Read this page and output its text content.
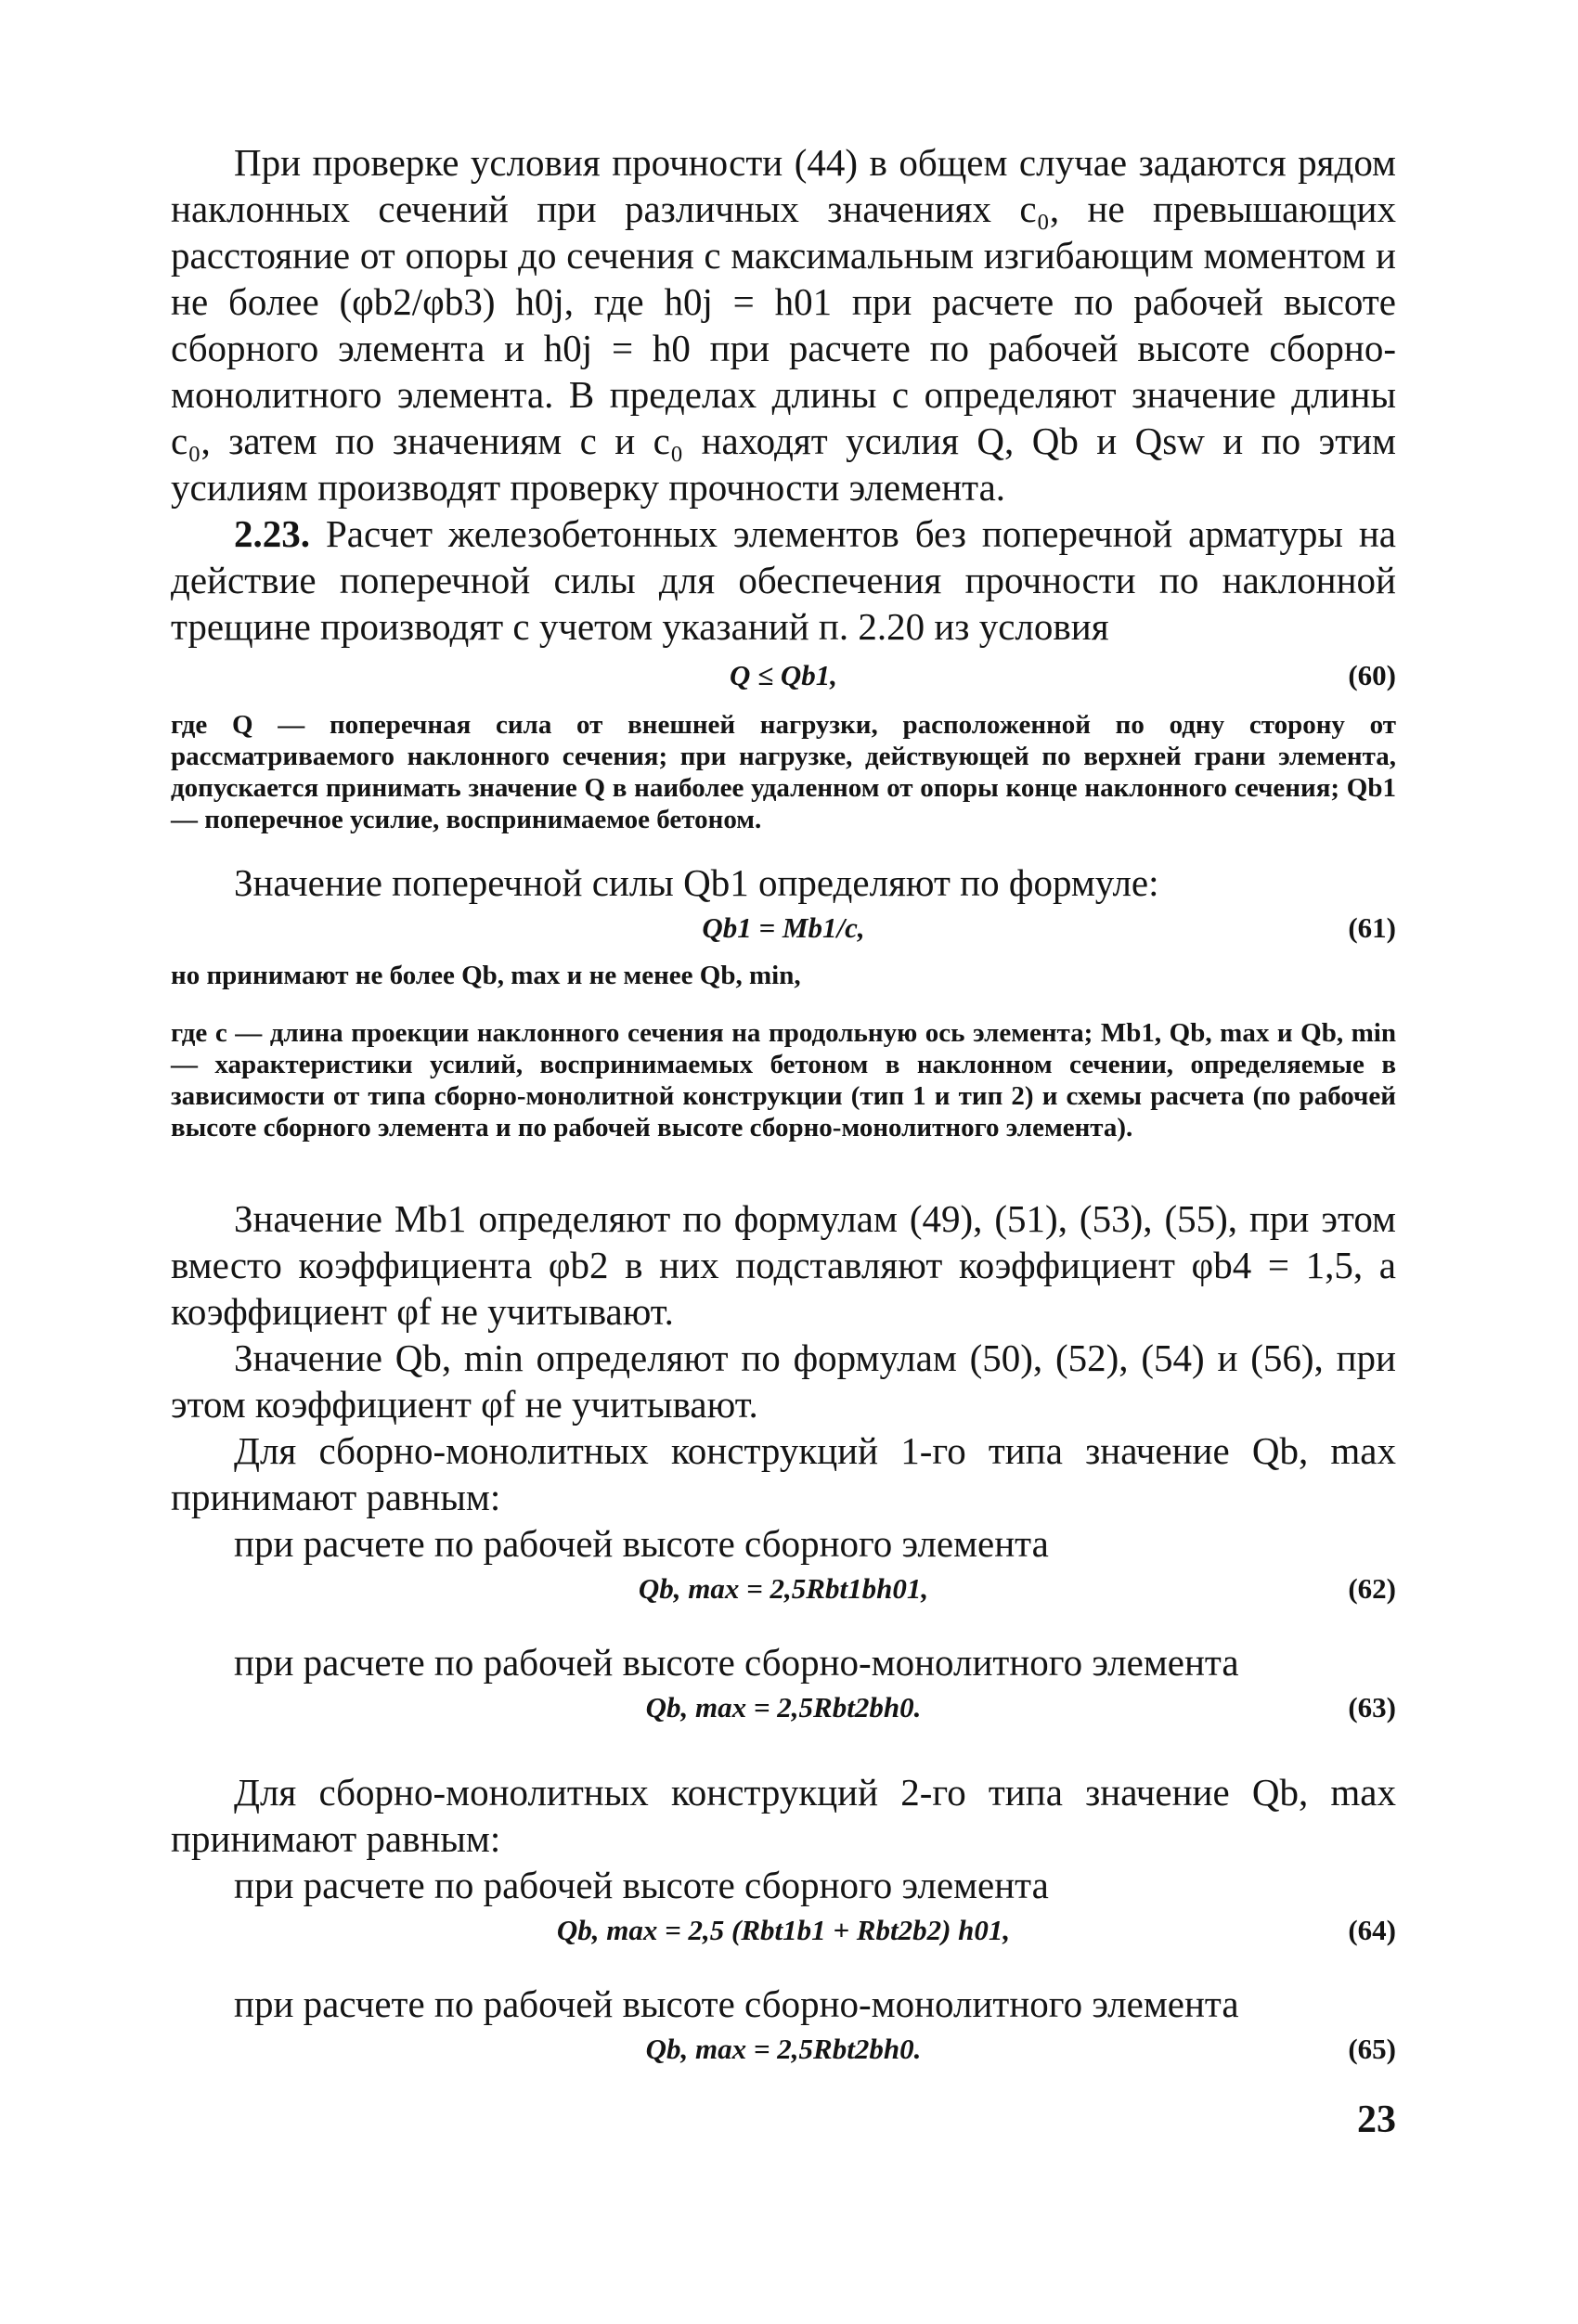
При проверке условия прочности (44) в общем случае задаются рядом наклонных сечений при различных значениях c₀, не превышающих расстояние от опоры до сечения с максимальным изгибающим моментом и не более (φb2/φb3) h0j, где h0j = h01 при расчете по рабочей высоте сборного элемента и h0j = h0 при расчете по рабочей высоте сборно-монолитного элемента. В пределах длины c определяют значение длины c₀, затем по значениям c и c₀ находят усилия Q, Qb и Qsw и по этим усилиям производят проверку прочности элемента.

2.23. Расчет железобетонных элементов без поперечной арматуры на действие поперечной силы для обеспечения прочности по наклонной трещине производят с учетом указаний п. 2.20 из условия

Q ≤ Qb1,	(60)

где Q — поперечная сила от внешней нагрузки, расположенной по одну сторону от рассматриваемого наклонного сечения; при нагрузке, действующей по верхней грани элемента, допускается принимать значение Q в наиболее удаленном от опоры конце наклонного сечения; Qb1 — поперечное усилие, воспринимаемое бетоном.

Значение поперечной силы Qb1 определяют по формуле:

Qb1 = Mb1/c,	(61)

но принимают не более Qb, max и не менее Qb, min,

где c — длина проекции наклонного сечения на продольную ось элемента; Mb1, Qb, max и Qb, min — характеристики усилий, воспринимаемых бетоном в наклонном сечении, определяемые в зависимости от типа сборно-монолитной конструкции (тип 1 и тип 2) и схемы расчета (по рабочей высоте сборного элемента и по рабочей высоте сборно-монолитного элемента).

Значение Mb1 определяют по формулам (49), (51), (53), (55), при этом вместо коэффициента φb2 в них подставляют коэффициент φb4 = 1,5, а коэффициент φf не учитывают.

Значение Qb, min определяют по формулам (50), (52), (54) и (56), при этом коэффициент φf не учитывают.

Для сборно-монолитных конструкций 1-го типа значение Qb, max принимают равным:

при расчете по рабочей высоте сборного элемента

Qb, max = 2,5Rbt1bh01,	(62)

при расчете по рабочей высоте сборно-монолитного элемента

Qb, max = 2,5Rbt2bh0.	(63)

Для сборно-монолитных конструкций 2-го типа значение Qb, max принимают равным:

при расчете по рабочей высоте сборного элемента

Qb, max = 2,5 (Rbt1b1 + Rbt2b2) h01,	(64)

при расчете по рабочей высоте сборно-монолитного элемента

Qb, max = 2,5Rbt2bh0.	(65)
23
